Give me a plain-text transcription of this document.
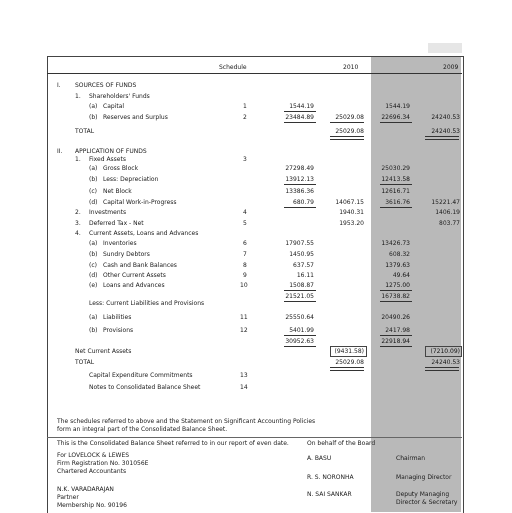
Schedule	2010	2009
I. SOURCES OF FUNDS
1. Shareholders' Funds
(a) Capital	1	1544.19	1544.19
(b) Reserves and Surplus	2	23484.89	25029.08	22696.34	24240.53
TOTAL	25029.08	24240.53
II. APPLICATION OF FUNDS
1. Fixed Assets	3
(a) Gross Block	27298.49	25030.29
(b) Less: Depreciation	13912.13	12413.58
(c) Net Block	13386.36	12616.71
(d) Capital Work-in-Progress	680.79	14067.15	3616.76	15221.47
2. Investments	4	1940.31	1406.19
3. Deferred Tax - Net	5	1953.20	803.77
4. Current Assets, Loans and Advances
(a) Inventories	6	17907.55	13426.73
(b) Sundry Debtors	7	1450.95	608.32
(c) Cash and Bank Balances	8	637.57	1379.63
(d) Other Current Assets	9	16.11	49.64
(e) Loans and Advances	10	1508.87	1275.00
21521.05	16738.82
Less: Current Liabilities and Provisions
(a) Liabilities	11	25550.64	20490.26
(b) Provisions	12	5401.99	2417.98
30952.63	22918.94
Net Current Assets	(9431.58)	(7210.09)
TOTAL	25029.08	24240.53
Capital Expenditure Commitments	13
Notes to Consolidated Balance Sheet	14
The schedules referred to above and the Statement on Significant Accounting Policies form an integral part of the Consolidated Balance Sheet.
This is the Consolidated Balance Sheet referred to in our report of even date.
For LOVELOCK & LEWES
Firm Registration No. 301056E
Chartered Accountants
N.K. VARADARAJAN
Partner
Membership No. 90196
On behalf of the Board
A. BASU	Chairman
R. S. NORONHA	Managing Director
N. SAI SANKAR	Deputy Managing Director & Secretary
